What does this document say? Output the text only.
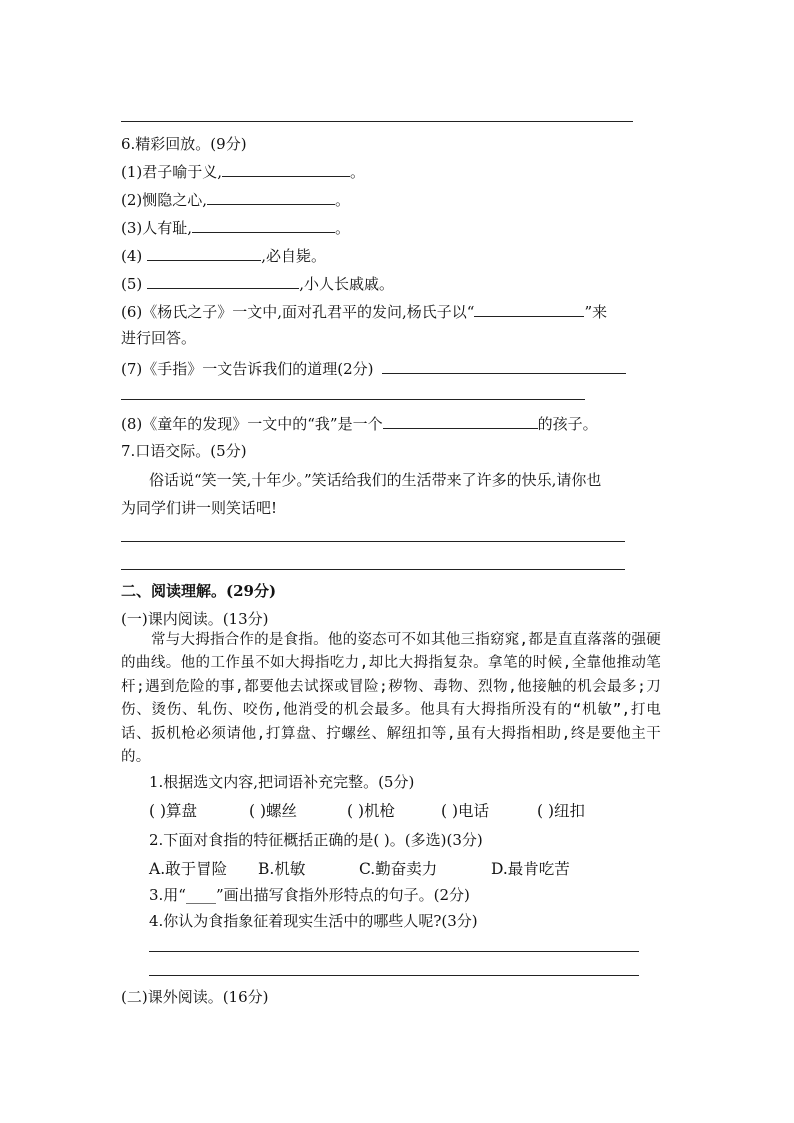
6.精彩回放。(9分)
(1)君子喻于义,	。
(2)恻隐之心,	。
(3)人有耻,	。
(4)	,必自毙。
(5)	,小人长戚戚。
(6)《杨氏之子》一文中,面对孔君平的发问,杨氏子以“	”来
进行回答。
(7)《手指》一文告诉我们的道理(2分)
(8)《童年的发现》一文中的“我”是一个	的孩子。
7.口语交际。(5分)
俗话说“笑一笑,十年少。”笑话给我们的生活带来了许多的快乐,请你也
为同学们讲一则笑话吧!
二、阅读理解。(29分)
(一)课内阅读。(13分)
常与大拇指合作的是食指。他的姿态可不如其他三指窈窕,都是直直落落的强硬的曲线。他的工作虽不如大拇指吃力,却比大拇指复杂。拿笔的时候,全靠他推动笔杆;遇到危险的事,都要他去试探或冒险;秽物、毒物、烈物,他接触的机会最多;刀伤、烫伤、轧伤、咬伤,他消受的机会最多。他具有大拇指所没有的“机敏”,打电话、扳机枪必须请他,打算盘、拧螺丝、解纽扣等,虽有大拇指相助,终是要他主干的。
1.根据选文内容,把词语补充完整。(5分)
( )算盘	( )螺丝	( )机枪	( )电话	( )纽扣
2.下面对食指的特征概括正确的是( )。(多选)(3分)
A.敢于冒险 B.机敏	C.勤奋卖力	D.最肯吃苦
3.用“____”画出描写食指外形特点的句子。(2分)
4.你认为食指象征着现实生活中的哪些人呢?(3分)
(二)课外阅读。(16分)
